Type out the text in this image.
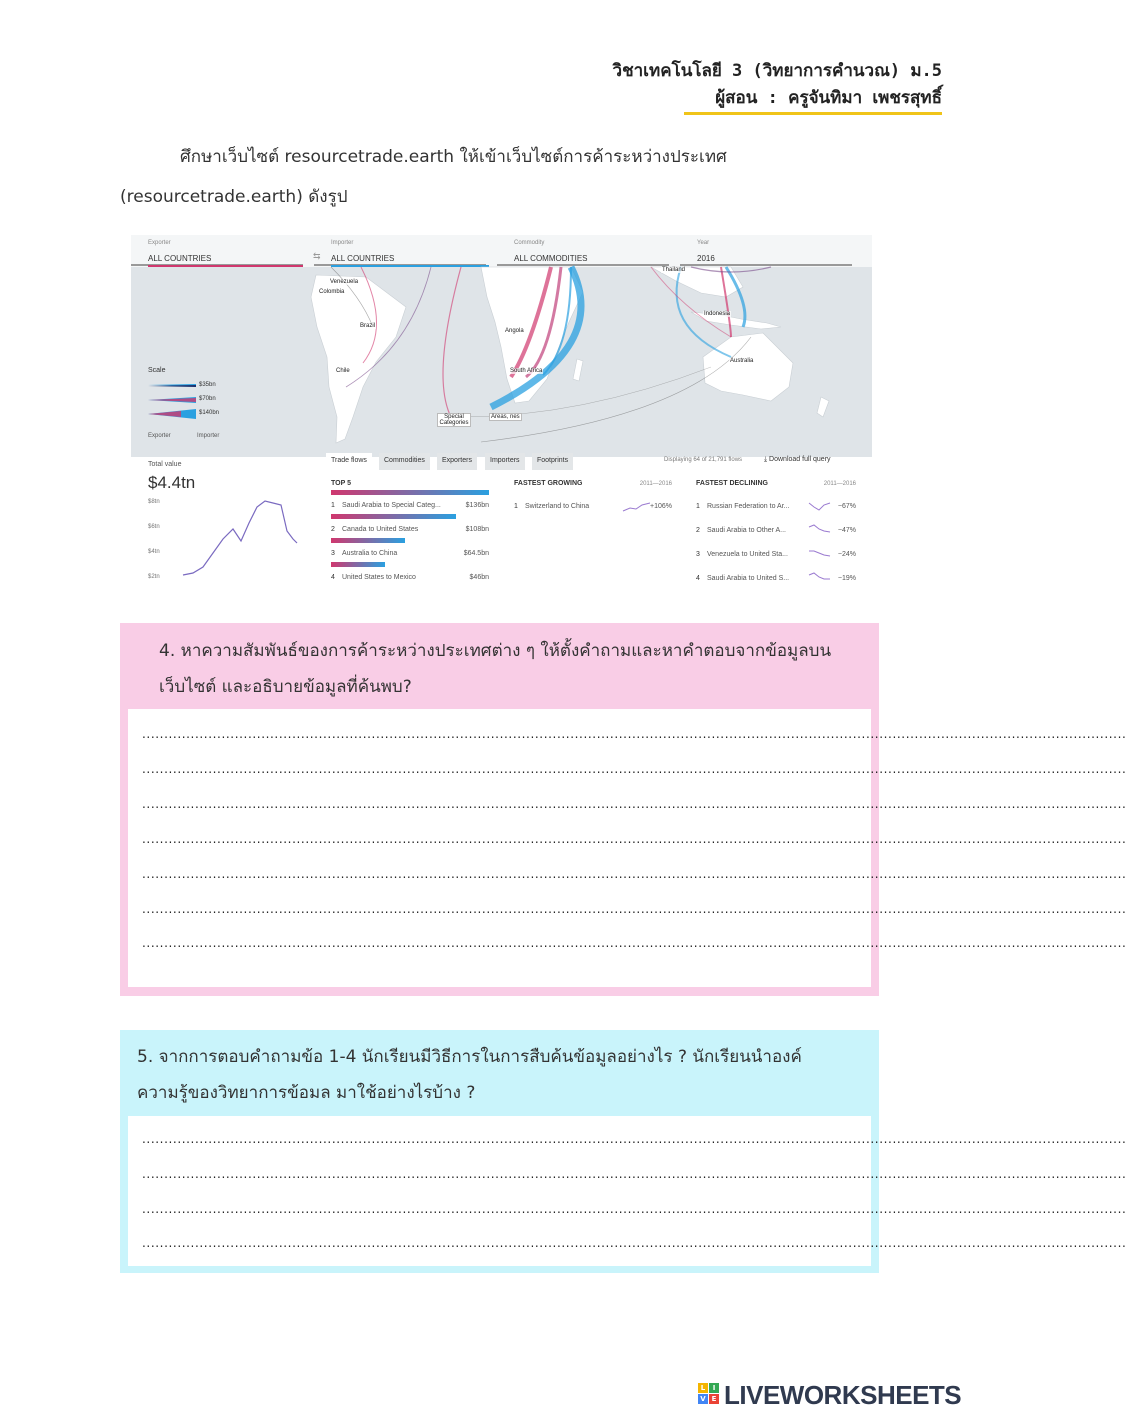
วิชาเทคโนโลยี 3 (วิทยาการคำนวณ) ม.5
ผู้สอน : ครูจันทิมา เพชรสุทธิ์
ศึกษาเว็บไซต์ resourcetrade.earth ให้เข้าเว็บไซต์การค้าระหว่างประเทศ
(resourcetrade.earth) ดังรูป
Exporter
ALL COUNTRIES
Importer
ALL COUNTRIES
Commodity
ALL COMMODITIES
Year
2016
⇆
Venezuela
Colombia
Brazil
Chile
Angola
South Africa
Special Categories
Areas, nes
Thailand
Indonesia
Australia
Scale
$35bn
$70bn
$140bn
Exporter	Importer
Total value
$4.4tn
$8tn
$6tn
$4tn
$2tn
Trade flows	Commodities	Exporters	Importers	Footprints	Displaying 64 of 21,791 flows	⤓ Download full query
TOP 5
1 Saudi Arabia to Special Categ...	$136bn
2 Canada to United States	$108bn
3 Australia to China	$64.5bn
4 United States to Mexico	$46bn
FASTEST GROWING	2011—2016
1 Switzerland to China	+106%
FASTEST DECLINING	2011—2016
1 Russian Federation to Ar...	−67%
2 Saudi Arabia to Other A...	−47%
3 Venezuela to United Sta...	−24%
4 Saudi Arabia to United S...	−19%
4. หาความสัมพันธ์ของการค้าระหว่างประเทศต่าง ๆ ให้ตั้งคำถามและหาคำตอบจากข้อมูลบน
เว็บไซต์ และอธิบายข้อมูลที่ค้นพบ?
...............................................................................................................................................................................................................................
...............................................................................................................................................................................................................................
...............................................................................................................................................................................................................................
...............................................................................................................................................................................................................................
...............................................................................................................................................................................................................................
...............................................................................................................................................................................................................................
...............................................................................................................................................................................................................................
5. จากการตอบคำถามข้อ 1-4 นักเรียนมีวิธีการในการสืบค้นข้อมูลอย่างไร ? นักเรียนนำองค์
ความรู้ของวิทยาการข้อมล มาใช้อย่างไรบ้าง ?
...............................................................................................................................................................................................................................
...............................................................................................................................................................................................................................
...............................................................................................................................................................................................................................
...............................................................................................................................................................................................................................
L	I
V E LIVEWORKSHEETS
